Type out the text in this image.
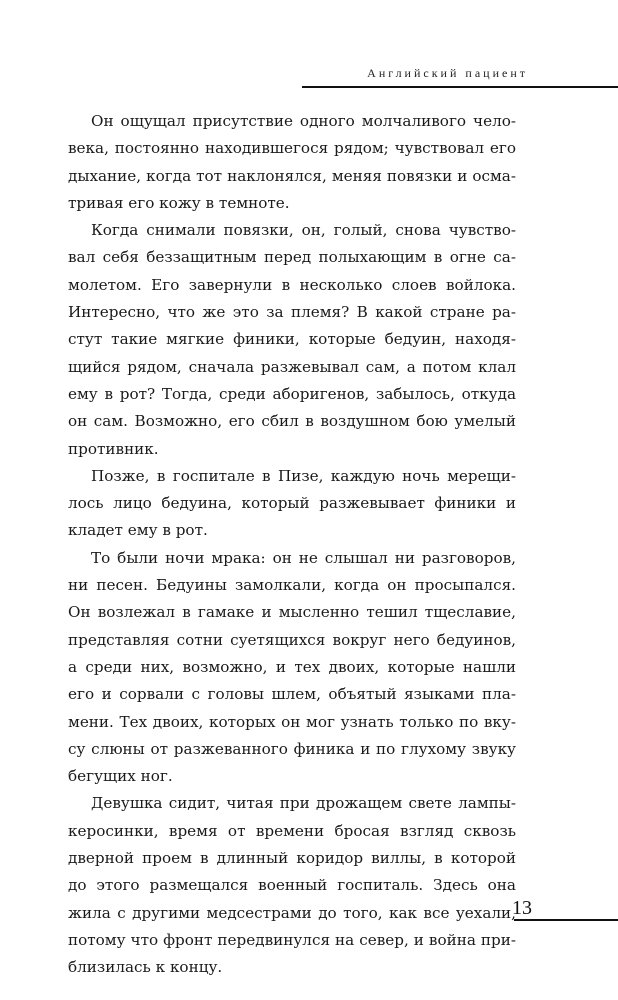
Английский пациент

Он ощущал присутствие одного молчаливого человека, постоянно находившегося рядом; чувствовал его дыхание, когда тот наклонялся, меняя повязки и осматривая его кожу в темноте.

Когда снимали повязки, он, голый, снова чувствовал себя беззащитным перед полыхающим в огне самолетом. Его завернули в несколько слоев войлока. Интересно, что же это за племя? В какой стране растут такие мягкие финики, которые бедуин, находящийся рядом, сначала разжевывал сам, а потом клал ему в рот? Тогда, среди аборигенов, забылось, откуда он сам. Возможно, его сбил в воздушном бою умелый противник.

Позже, в госпитале в Пизе, каждую ночь мерещилось лицо бедуина, который разжевывает финики и кладет ему в рот.

То были ночи мрака: он не слышал ни разговоров, ни песен. Бедуины замолкали, когда он просыпался. Он возлежал в гамаке и мысленно тешил тщеславие, представляя сотни суетящихся вокруг него бедуинов, а среди них, возможно, и тех двоих, которые нашли его и сорвали с головы шлем, объятый языками пламени. Тех двоих, которых он мог узнать только по вкусу слюны от разжеванного финика и по глухому звуку бегущих ног.

Девушка сидит, читая при дрожащем свете лампы-керосинки, время от времени бросая взгляд сквозь дверной проем в длинный коридор виллы, в которой до этого размещался военный госпиталь. Здесь она жила с другими медсестрами до того, как все уехали, потому что фронт передвинулся на север, и война приблизилась к концу.

13
